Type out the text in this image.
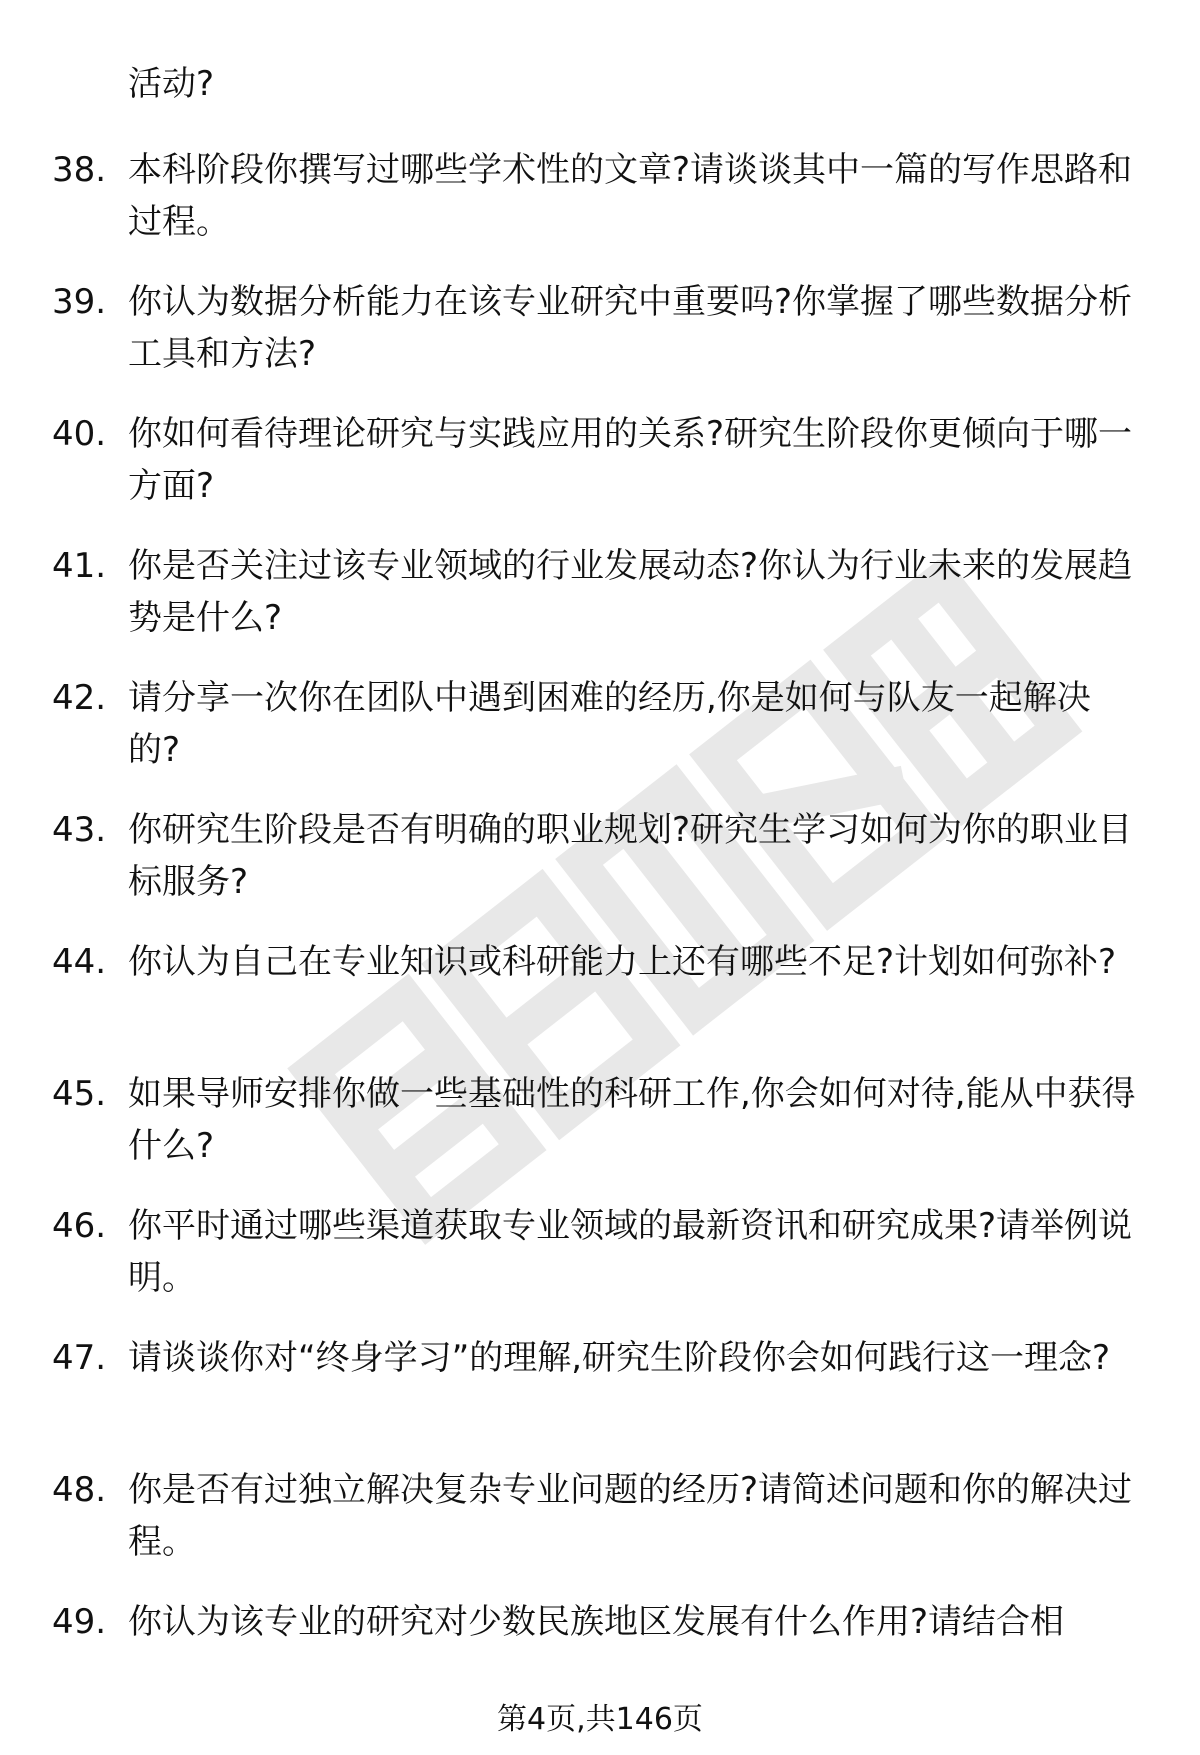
活动?

38. 本科阶段你撰写过哪些学术性的文章?请谈谈其中一篇的写作思路和过程。

39. 你认为数据分析能力在该专业研究中重要吗?你掌握了哪些数据分析工具和方法?

40. 你如何看待理论研究与实践应用的关系?研究生阶段你更倾向于哪一方面?

41. 你是否关注过该专业领域的行业发展动态?你认为行业未来的发展趋势是什么?

42. 请分享一次你在团队中遇到困难的经历,你是如何与队友一起解决的?

43. 你研究生阶段是否有明确的职业规划?研究生学习如何为你的职业目标服务?

44. 你认为自己在专业知识或科研能力上还有哪些不足?计划如何弥补?

45. 如果导师安排你做一些基础性的科研工作,你会如何对待,能从中获得什么?

46. 你平时通过哪些渠道获取专业领域的最新资讯和研究成果?请举例说明。

47. 请谈谈你对“终身学习”的理解,研究生阶段你会如何践行这一理念?

48. 你是否有过独立解决复杂专业问题的经历?请简述问题和你的解决过程。

49. 你认为该专业的研究对少数民族地区发展有什么作用?请结合相

第4页,共146页
